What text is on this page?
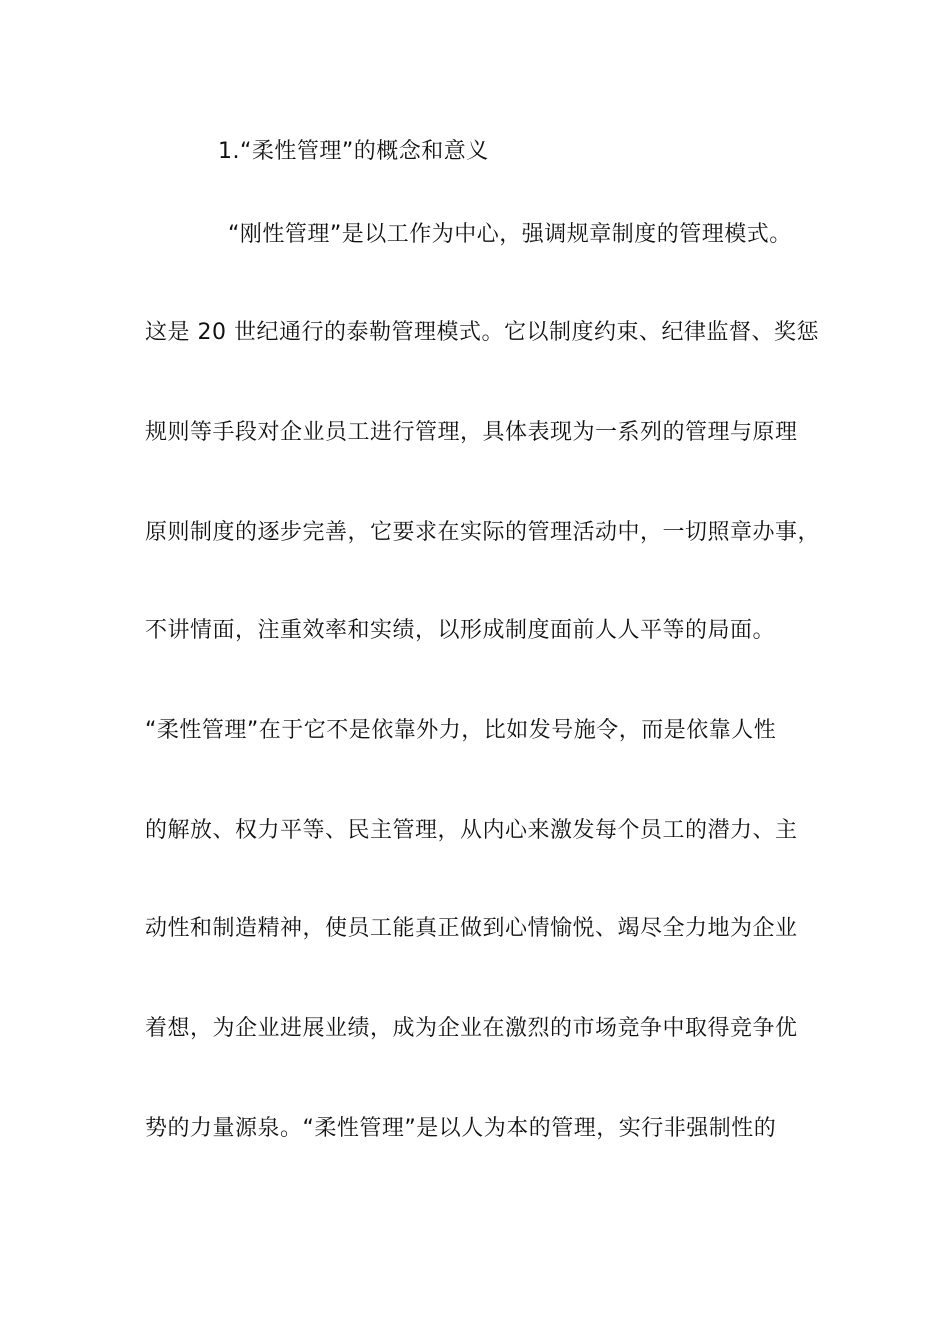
1.“柔性管理”的概念和意义
“刚性管理”是以工作为中心，强调规章制度的管理模式。
这是 20 世纪通行的泰勒管理模式。它以制度约束、纪律监督、奖惩
规则等手段对企业员工进行管理，具体表现为一系列的管理与原理
原则制度的逐步完善，它要求在实际的管理活动中，一切照章办事，
不讲情面，注重效率和实绩，以形成制度面前人人平等的局面。
“柔性管理”在于它不是依靠外力，比如发号施令，而是依靠人性
的解放、权力平等、民主管理，从内心来激发每个员工的潜力、主
动性和制造精神，使员工能真正做到心情愉悦、竭尽全力地为企业
着想，为企业进展业绩，成为企业在激烈的市场竞争中取得竞争优
势的力量源泉。“柔性管理”是以人为本的管理，实行非强制性的
